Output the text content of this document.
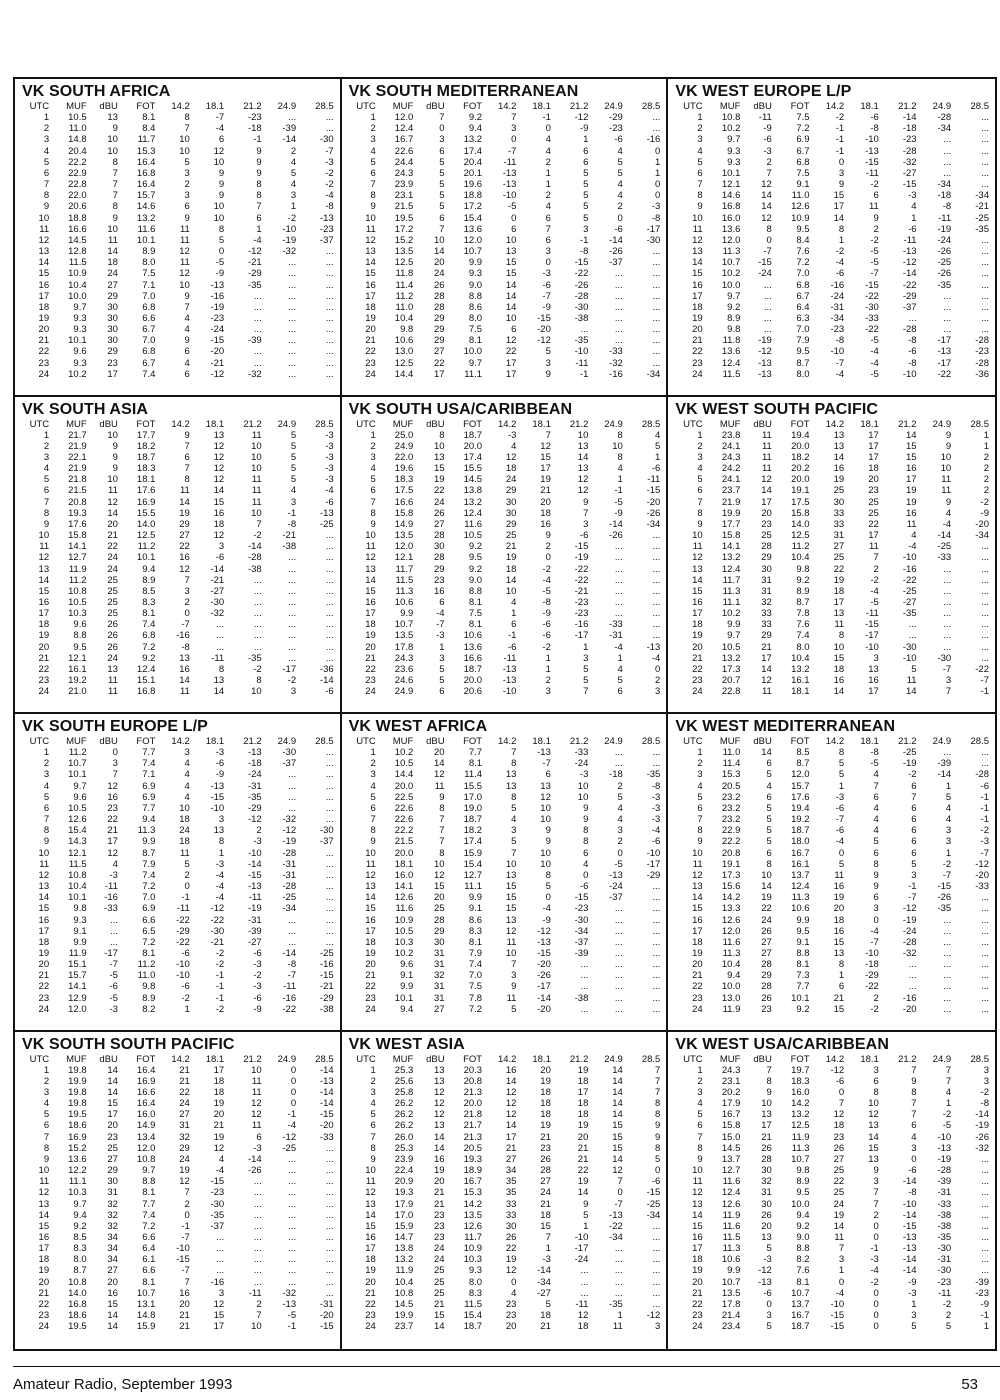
VK SOUTH AFRICA
UTC	MUF	dBU	FOT	14.2	18.1	21.2	24.9	28.5
1	10.5	13	8.1	8	-7	-23	...	...
2	11.0	9	8.4	7	-4	-18	-39	...
3	14.8	10	11.7	10	6	-1	-14	-30
4	20.4	10	15.3	10	12	9	2	-7
5	22.2	8	16.4	5	10	9	4	-3
6	22.9	7	16.8	3	9	9	5	-2
7	22.8	7	16.4	2	9	8	4	-2
8	22.0	7	15.7	3	9	8	3	-4
9	20.6	8	14.6	6	10	7	1	-8
10	18.8	9	13.2	9	10	6	-2	-13
11	16.6	10	11.6	11	8	1	-10	-23
12	14.5	11	10.1	11	5	-4	-19	-37
13	12.8	14	8.9	12	0	-12	-32	...
14	11.5	18	8.0	11	-5	-21	...	...
15	10.9	24	7.5	12	-9	-29	...	...
16	10.4	27	7.1	10	-13	-35	...	...
17	10.0	29	7.0	9	-16	...	...	...
18	9.7	30	6.8	7	-19	...	...	...
19	9.3	30	6.6	4	-23	...	...	...
20	9.3	30	6.7	4	-24	...	...	...
21	10.1	30	7.0	9	-15	-39	...	...
22	9.6	29	6.8	6	-20	...	...	...
23	9.3	23	6.7	4	-21	...	...	...
24	10.2	17	7.4	6	-12	-32	...	...
VK SOUTH MEDITERRANEAN
UTC	MUF	dBU	FOT	14.2	18.1	21.2	24.9	28.5
1	12.0	7	9.2	7	-1	-12	-29	...
2	12.4	0	9.4	3	0	-9	-23	...
3	16.7	3	13.2	0	4	1	-6	-16
4	22.6	6	17.4	-7	4	6	4	0
5	24.4	5	20.4	-11	2	6	5	1
6	24.3	5	20.1	-13	1	5	5	1
7	23.9	5	19.6	-13	1	5	4	0
8	23.1	5	18.8	-10	2	5	4	0
9	21.5	5	17.2	-5	4	5	2	-3
10	19.5	6	15.4	0	6	5	0	-8
11	17.2	7	13.6	6	7	3	-6	-17
12	15.2	10	12.0	10	6	-1	-14	-30
13	13.5	14	10.7	13	3	-8	-26	...
14	12.5	20	9.9	15	0	-15	-37	...
15	11.8	24	9.3	15	-3	-22	...	...
16	11.4	26	9.0	14	-6	-26	...	...
17	11.2	28	8.8	14	-7	-28	...	...
18	11.0	28	8.6	14	-9	-30	...	...
19	10.4	29	8.0	10	-15	-38	...	...
20	9.8	29	7.5	6	-20	...	...	...
21	10.6	29	8.1	12	-12	-35	...	...
22	13.0	27	10.0	22	5	-10	-33	...
23	12.5	22	9.7	17	3	-11	-32	...
24	14.4	17	11.1	17	9	-1	-16	-34
VK WEST EUROPE L/P
UTC	MUF	dBU	FOT	14.2	18.1	21.2	24.9	28.5
1	10.8	-11	7.5	-2	-6	-14	-28	...
2	10.2	-9	7.2	-1	-8	-18	-34	...
3	9.7	-6	6.9	-1	-10	-23	...	...
4	9.3	-3	6.7	-1	-13	-28	...	...
5	9.3	2	6.8	0	-15	-32	...	...
6	10.1	7	7.5	3	-11	-27	...	...
7	12.1	12	9.1	9	-2	-15	-34	...
8	14.6	14	11.0	15	6	-3	-18	-34
9	16.8	14	12.6	17	11	4	-8	-21
10	16.0	12	10.9	14	9	1	-11	-25
11	13.6	8	9.5	8	2	-6	-19	-35
12	12.0	0	8.4	1	-2	-11	-24	...
13	11.3	-7	7.6	-2	-5	-13	-26	...
14	10.7	-15	7.2	-4	-5	-12	-25	...
15	10.2	-24	7.0	-6	-7	-14	-26	...
16	10.0	...	6.8	-16	-15	-22	-35	...
17	9.7	...	6.7	-24	-22	-29	...	...
18	9.2	...	6.4	-31	-30	-37	...	...
19	8.9	...	6.3	-34	-33	...	...	...
20	9.8	...	7.0	-23	-22	-28	...	...
21	11.8	-19	7.9	-8	-5	-8	-17	-28
22	13.6	-12	9.5	-10	-4	-6	-13	-23
23	12.4	-13	8.7	-7	-4	-8	-17	-28
24	11.5	-13	8.0	-4	-5	-10	-22	-36
VK SOUTH ASIA
UTC	MUF	dBU	FOT	14.2	18.1	21.2	24.9	28.5
1	21.7	10	17.7	9	13	11	5	-3
2	21.9	9	18.2	7	12	10	5	-3
3	22.1	9	18.7	6	12	10	5	-3
4	21.9	9	18.3	7	12	10	5	-3
5	21.8	10	18.1	8	12	11	5	-3
6	21.5	11	17.6	11	14	11	4	-4
7	20.8	12	16.9	14	15	11	3	-6
8	19.3	14	15.5	19	16	10	-1	-13
9	17.6	20	14.0	29	18	7	-8	-25
10	15.8	21	12.5	27	12	-2	-21	...
11	14.1	22	11.2	22	3	-14	-38	...
12	12.7	24	10.1	16	-6	-28	...	...
13	11.9	24	9.4	12	-14	-38	...	...
14	11.2	25	8.9	7	-21	...	...	...
15	10.8	25	8.5	3	-27	...	...	...
16	10.5	25	8.3	2	-30	...	...	...
17	10.3	25	8.1	0	-32	...	...	...
18	9.6	26	7.4	-7	...	...	...	...
19	8.8	26	6.8	-16	...	...	...	...
20	9.5	26	7.2	-8	...	...	...	...
21	12.1	24	9.2	13	-11	-35	...	...
22	16.1	13	12.4	16	8	-2	-17	-36
23	19.2	11	15.1	14	13	8	-2	-14
24	21.0	11	16.8	11	14	10	3	-6
VK SOUTH USA/CARIBBEAN
UTC	MUF	dBU	FOT	14.2	18.1	21.2	24.9	28.5
1	25.0	8	18.7	-3	7	10	8	4
2	24.9	10	20.0	4	12	13	10	5
3	22.0	13	17.4	12	15	14	8	1
4	19.6	15	15.5	18	17	13	4	-6
5	18.3	19	14.5	24	19	12	1	-11
6	17.5	22	13.8	29	21	12	-1	-15
7	16.6	24	13.2	30	20	9	-5	-20
8	15.8	26	12.4	30	18	7	-9	-26
9	14.9	27	11.6	29	16	3	-14	-34
10	13.5	28	10.5	25	9	-6	-26	...
11	12.0	30	9.2	21	2	-15	...	...
12	12.1	28	9.5	19	0	-19	...	...
13	11.7	29	9.2	18	-2	-22	...	...
14	11.5	23	9.0	14	-4	-22	...	...
15	11.3	16	8.8	10	-5	-21	...	...
16	10.6	6	8.1	4	-8	-23	...	...
17	9.9	-4	7.5	1	-9	-23	...	...
18	10.7	-7	8.1	6	-6	-16	-33	...
19	13.5	-3	10.6	-1	-6	-17	-31	...
20	17.8	1	13.6	-6	-2	1	-4	-13
21	24.3	3	16.6	-11	1	3	1	-4
22	23.6	5	18.7	-13	1	5	4	0
23	24.6	5	20.0	-13	2	5	5	2
24	24.9	6	20.6	-10	3	7	6	3
VK WEST SOUTH PACIFIC
UTC	MUF	dBU	FOT	14.2	18.1	21.2	24.9	28.5
1	23.8	11	19.4	13	17	14	9	1
2	24.1	11	20.0	13	17	15	9	1
3	24.3	11	18.2	14	17	15	10	2
4	24.2	11	20.2	16	18	16	10	2
5	24.1	12	20.0	19	20	17	11	2
6	23.7	14	19.1	25	23	19	11	2
7	21.9	17	17.5	30	25	19	9	-2
8	19.9	20	15.8	33	25	16	4	-9
9	17.7	23	14.0	33	22	11	-4	-20
10	15.8	25	12.5	31	17	4	-14	-34
11	14.1	28	11.2	27	11	-4	-25	...
12	13.2	29	10.4	25	7	-10	-33	...
13	12.4	30	9.8	22	2	-16	...	...
14	11.7	31	9.2	19	-2	-22	...	...
15	11.3	31	8.9	18	-4	-25	...	...
16	11.1	32	8.7	17	-5	-27	...	...
17	10.2	33	7.8	13	-11	-35	...	...
18	9.9	33	7.6	11	-15	...	...	...
19	9.7	29	7.4	8	-17	...	...	...
20	10.5	21	8.0	10	-10	-30	...	...
21	13.2	17	10.4	15	3	-10	-30	...
22	17.3	14	13.2	18	13	5	-7	-22
23	20.7	12	16.1	16	16	11	3	-7
24	22.8	11	18.1	14	17	14	7	-1
VK SOUTH EUROPE L/P
UTC	MUF	dBU	FOT	14.2	18.1	21.2	24.9	28.5
1	11.2	0	7.7	3	-3	-13	-30	...
2	10.7	3	7.4	4	-6	-18	-37	...
3	10.1	7	7.1	4	-9	-24	...	...
4	9.7	12	6.9	4	-13	-31	...	...
5	9.6	16	6.9	4	-15	-35	...	...
6	10.5	23	7.7	10	-10	-29	...	...
7	12.6	22	9.4	18	3	-12	-32	...
8	15.4	21	11.3	24	13	2	-12	-30
9	14.3	17	9.9	18	8	-3	-19	-37
10	12.1	12	8.7	11	1	-10	-28	...
11	11.5	4	7.9	5	-3	-14	-31	...
12	10.8	-3	7.4	2	-4	-15	-31	...
13	10.4	-11	7.2	0	-4	-13	-28	...
14	10.1	-16	7.0	-1	-4	-11	-25	...
15	9.8	-33	6.9	-11	-12	-19	-34	...
16	9.3	...	6.6	-22	-22	-31	...	...
17	9.1	...	6.5	-29	-30	-39	...	...
18	9.9	...	7.2	-22	-21	-27	...	...
19	11.9	-17	8.1	-6	-2	-6	-14	-25
20	15.1	-7	11.2	-10	-2	-3	-8	-16
21	15.7	-5	11.0	-10	-1	-2	-7	-15
22	14.1	-6	9.8	-6	-1	-3	-11	-21
23	12.9	-5	8.9	-2	-1	-6	-16	-29
24	12.0	-3	8.2	1	-2	-9	-22	-38
VK WEST AFRICA
UTC	MUF	dBU	FOT	14.2	18.1	21.2	24.9	28.5
1	10.2	20	7.7	7	-13	-33	...	...
2	10.5	14	8.1	8	-7	-24	...	...
3	14.4	12	11.4	13	6	-3	-18	-35
4	20.0	11	15.5	13	13	10	2	-8
5	22.5	9	17.0	8	12	10	5	-3
6	22.6	8	19.0	5	10	9	4	-3
7	22.6	7	18.7	4	10	9	4	-3
8	22.2	7	18.2	3	9	8	3	-4
9	21.5	7	17.4	5	9	8	2	-6
10	20.0	8	15.9	7	10	6	0	-10
11	18.1	10	15.4	10	10	4	-5	-17
12	16.0	12	12.7	13	8	0	-13	-29
13	14.1	15	11.1	15	5	-6	-24	...
14	12.6	20	9.9	15	0	-15	-37	...
15	11.6	25	9.1	15	-4	-23	...	...
16	10.9	28	8.6	13	-9	-30	...	...
17	10.5	29	8.3	12	-12	-34	...	...
18	10.3	30	8.1	11	-13	-37	...	...
19	10.2	31	7.9	10	-15	-39	...	...
20	9.6	31	7.4	7	-20	...	...	...
21	9.1	32	7.0	3	-26	...	...	...
22	9.9	31	7.5	9	-17	...	...	...
23	10.1	31	7.8	11	-14	-38	...	...
24	9.4	27	7.2	5	-20	...	...	...
VK WEST MEDITERRANEAN
UTC	MUF	dBU	FOT	14.2	18.1	21.2	24.9	28.5
1	11.0	14	8.5	8	-8	-25	...	...
2	11.4	6	8.7	5	-5	-19	-39	...
3	15.3	5	12.0	5	4	-2	-14	-28
4	20.5	4	15.7	1	7	6	1	-6
5	23.2	6	17.6	-3	6	7	5	-1
6	23.2	5	19.4	-6	4	6	4	-1
7	23.2	5	19.2	-7	4	6	4	-1
8	22.9	5	18.7	-6	4	6	3	-2
9	22.2	5	18.0	-4	5	6	3	-3
10	20.8	6	16.7	0	6	6	1	-7
11	19.1	8	16.1	5	8	5	-2	-12
12	17.3	10	13.7	11	9	3	-7	-20
13	15.6	14	12.4	16	9	-1	-15	-33
14	14.2	19	11.3	19	6	-7	-26	...
15	13.3	22	10.6	20	3	-12	-35	...
16	12.6	24	9.9	18	0	-19	...	...
17	12.0	26	9.5	16	-4	-24	...	...
18	11.6	27	9.1	15	-7	-28	...	...
19	11.3	27	8.8	13	-10	-32	...	...
20	10.4	28	8.1	8	-18	...	...	...
21	9.4	29	7.3	1	-29	...	...	...
22	10.0	28	7.7	6	-22	...	...	...
23	13.0	26	10.1	21	2	-16	...	...
24	11.9	23	9.2	15	-2	-20	...	...
VK SOUTH SOUTH PACIFIC
UTC	MUF	dBU	FOT	14.2	18.1	21.2	24.9	28.5
1	19.8	14	16.4	21	17	10	0	-14
2	19.9	14	16.9	21	18	11	0	-13
3	19.8	14	16.6	22	18	11	0	-14
4	19.8	15	16.4	24	19	12	0	-14
5	19.5	17	16.0	27	20	12	-1	-15
6	18.6	20	14.9	31	21	11	-4	-20
7	16.9	23	13.4	32	19	6	-12	-33
8	15.2	25	12.0	29	12	-3	-25	...
9	13.6	27	10.8	24	4	-14	...	...
10	12.2	29	9.7	19	-4	-26	...	...
11	11.1	30	8.8	12	-15	...	...	...
12	10.3	31	8.1	7	-23	...	...	...
13	9.7	32	7.7	2	-30	...	...	...
14	9.4	32	7.4	0	-35	...	...	...
15	9.2	32	7.2	-1	-37	...	...	...
16	8.5	34	6.6	-7	...	...	...	...
17	8.3	34	6.4	-10	...	...	...	...
18	8.0	34	6.1	-15	...	...	...	...
19	8.7	27	6.6	-7	...	...	...	...
20	10.8	20	8.1	7	-16	...	...	...
21	14.0	16	10.7	16	3	-11	-32	...
22	16.8	15	13.1	20	12	2	-13	-31
23	18.6	14	14.8	21	15	7	-5	-20
24	19.5	14	15.9	21	17	10	-1	-15
VK WEST ASIA
UTC	MUF	dBU	FOT	14.2	18.1	21.2	24.9	28.5
1	25.3	13	20.3	16	20	19	14	7
2	25.6	13	20.8	14	19	18	14	7
3	25.8	12	21.3	12	18	17	14	7
4	26.2	12	20.0	12	18	18	14	8
5	26.2	12	21.8	12	18	18	14	8
6	26.2	13	21.7	14	19	19	15	9
7	26.0	14	21.3	17	21	20	15	9
8	25.3	14	20.5	21	23	21	15	8
9	23.9	16	19.3	27	26	21	14	5
10	22.4	19	18.9	34	28	22	12	0
11	20.9	20	16.7	35	27	19	7	-6
12	19.3	21	15.3	35	24	14	0	-15
13	17.9	21	14.2	33	21	9	-7	-25
14	17.0	23	13.5	33	18	5	-13	-34
15	15.9	23	12.6	30	15	1	-22	...
16	14.7	23	11.7	26	7	-10	-34	...
17	13.8	24	10.9	22	1	-17	...	...
18	13.2	24	10.3	19	-3	-24	...	...
19	11.9	25	9.3	12	-14	...	...	...
20	10.4	25	8.0	0	-34	...	...	...
21	10.8	25	8.3	4	-27	...	...	...
22	14.5	21	11.5	23	5	-11	-35	...
23	19.9	15	15.4	23	18	12	1	-12
24	23.7	14	18.7	20	21	18	11	3
VK WEST USA/CARIBBEAN
UTC	MUF	dBU	FOT	14.2	18.1	21.2	24.9	28.5
1	24.3	7	19.7	-12	3	7	7	3
2	23.1	8	18.3	-6	6	9	7	3
3	20.2	9	16.0	0	8	8	4	-2
4	17.9	10	14.2	7	10	7	1	-8
5	16.7	13	13.2	12	12	7	-2	-14
6	15.8	17	12.5	18	13	6	-5	-19
7	15.0	21	11.9	23	14	4	-10	-26
8	14.5	26	11.3	26	15	3	-13	-32
9	13.7	28	10.7	27	13	0	-19	...
10	12.7	30	9.8	25	9	-6	-28	...
11	11.6	32	8.9	22	3	-14	-39	...
12	12.4	31	9.5	25	7	-8	-31	...
13	12.6	30	10.0	24	7	-10	-33	...
14	11.9	26	9.4	19	2	-14	-38	...
15	11.6	20	9.2	14	0	-15	-38	...
16	11.5	13	9.0	11	0	-13	-35	...
17	11.3	5	8.8	7	-1	-13	-30	...
18	10.6	-3	8.2	3	-3	-14	-31	...
19	9.9	-12	7.6	1	-4	-14	-30	...
20	10.7	-13	8.1	0	-2	-9	-23	-39
21	13.5	-6	10.7	-4	0	-3	-11	-23
22	17.8	0	13.7	-10	0	1	-2	-9
23	21.4	3	16.7	-15	0	3	2	-1
24	23.4	5	18.7	-15	0	5	5	1
Amateur Radio, September 1993	53
